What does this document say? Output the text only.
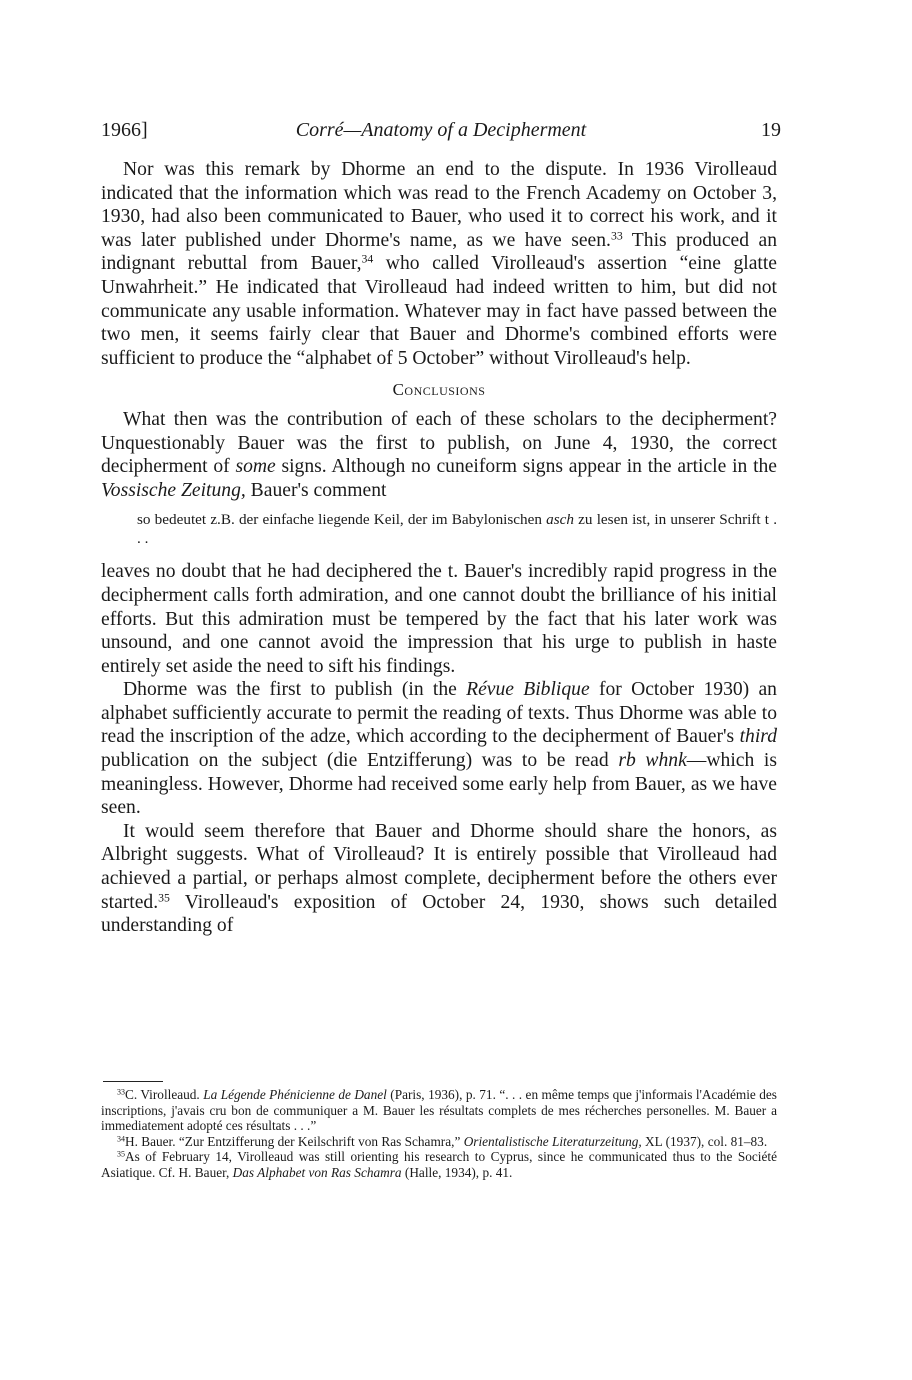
1966]	Corré—Anatomy of a Decipherment	19

Nor was this remark by Dhorme an end to the dispute. In 1936 Virolleaud indicated that the information which was read to the French Academy on October 3, 1930, had also been communicated to Bauer, who used it to correct his work, and it was later published under Dhorme's name, as we have seen.$^{33}$ This produced an indignant rebuttal from Bauer,$^{34}$ who called Virolleaud's assertion “eine glatte Unwahrheit.” He indicated that Virolleaud had indeed written to him, but did not communicate any usable information. Whatever may in fact have passed between the two men, it seems fairly clear that Bauer and Dhorme's combined efforts were sufficient to produce the “alphabet of 5 October” without Virolleaud's help.

Conclusions

What then was the contribution of each of these scholars to the decipherment? Unquestionably Bauer was the first to publish, on June 4, 1930, the correct decipherment of some signs. Although no cuneiform signs appear in the article in the Vossische Zeitung, Bauer's comment

so bedeutet z.B. der einfache liegende Keil, der im Babylonischen asch zu lesen ist, in unserer Schrift t . . .

leaves no doubt that he had deciphered the t. Bauer's incredibly rapid progress in the decipherment calls forth admiration, and one cannot doubt the brilliance of his initial efforts. But this admiration must be tempered by the fact that his later work was unsound, and one cannot avoid the impression that his urge to publish in haste entirely set aside the need to sift his findings.

Dhorme was the first to publish (in the Révue Biblique for October 1930) an alphabet sufficiently accurate to permit the reading of texts. Thus Dhorme was able to read the inscription of the adze, which according to the decipherment of Bauer's third publication on the subject (die Entzifferung) was to be read rb whnk—which is meaningless. However, Dhorme had received some early help from Bauer, as we have seen.

It would seem therefore that Bauer and Dhorme should share the honors, as Albright suggests. What of Virolleaud? It is entirely possible that Virolleaud had achieved a partial, or perhaps almost complete, decipherment before the others ever started.$^{35}$ Virolleaud's exposition of October 24, 1930, shows such detailed understanding of

$^{33}$C. Virolleaud. La Légende Phénicienne de Danel (Paris, 1936), p. 71. “. . . en même temps que j'informais l'Académie des inscriptions, j'avais cru bon de communiquer a M. Bauer les résultats complets de mes récherches personelles. M. Bauer a immediatement adopté ces résultats . . .”

$^{34}$H. Bauer. “Zur Entzifferung der Keilschrift von Ras Schamra,” Orientalistische Literaturzeitung, XL (1937), col. 81–83.

$^{35}$As of February 14, Virolleaud was still orienting his research to Cyprus, since he communicated thus to the Société Asiatique. Cf. H. Bauer, Das Alphabet von Ras Schamra (Halle, 1934), p. 41.
